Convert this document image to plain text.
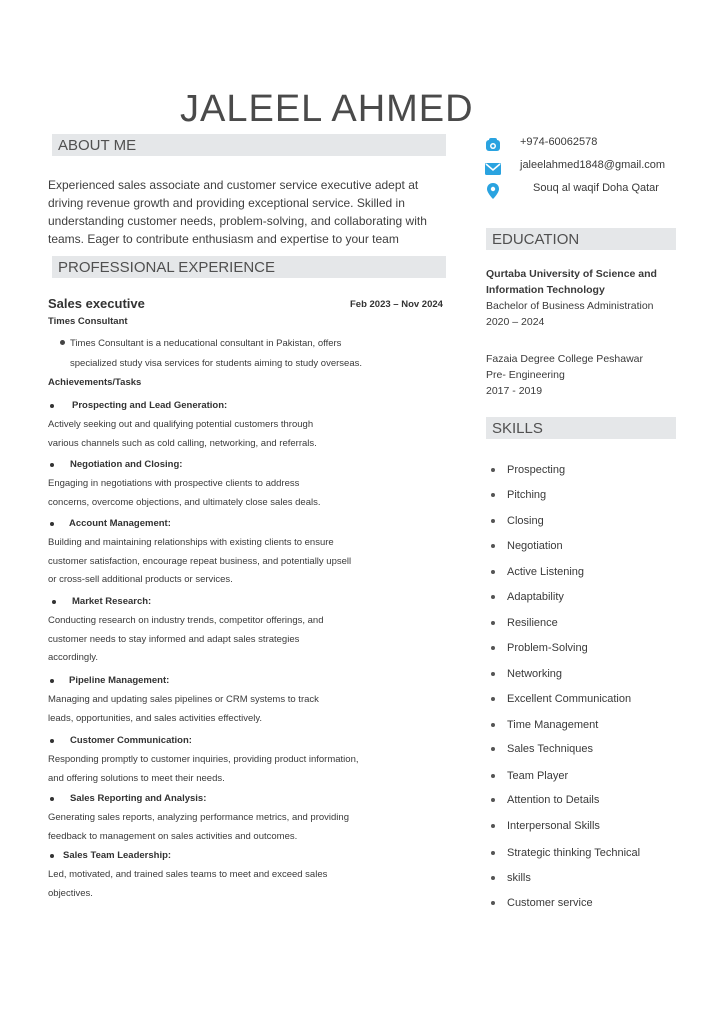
JALEEL AHMED
ABOUT ME
Experienced sales associate and customer service executive adept at
driving revenue growth and providing exceptional service. Skilled in
understanding customer needs, problem-solving, and collaborating with
teams. Eager to contribute enthusiasm and expertise to your team
PROFESSIONAL EXPERIENCE
Sales executive	Feb 2023 – Nov 2024
Times Consultant
Times Consultant is a neducational consultant in Pakistan, offers
specialized study visa services for students aiming to study overseas.
Achievements/Tasks
Prospecting and Lead Generation:
Actively seeking out and qualifying potential customers through
various channels such as cold calling, networking, and referrals.
Negotiation and Closing:
Engaging in negotiations with prospective clients to address
concerns, overcome objections, and ultimately close sales deals.
Account Management:
Building and maintaining relationships with existing clients to ensure
customer satisfaction, encourage repeat business, and potentially upsell
or cross-sell additional products or services.
Market Research:
Conducting research on industry trends, competitor offerings, and
customer needs to stay informed and adapt sales strategies
accordingly.
Pipeline Management:
Managing and updating sales pipelines or CRM systems to track
leads, opportunities, and sales activities effectively.
Customer Communication:
Responding promptly to customer inquiries, providing product information,
and offering solutions to meet their needs.
Sales Reporting and Analysis:
Generating sales reports, analyzing performance metrics, and providing
feedback to management on sales activities and outcomes.
Sales Team Leadership:
Led, motivated, and trained sales teams to meet and exceed sales
objectives.
+974-60062578
jaleelahmed1848@gmail.com
Souq al waqif Doha Qatar
EDUCATION
Qurtaba University of Science and
Information Technology
Bachelor of Business Administration
2020 – 2024
Fazaia Degree College Peshawar
Pre- Engineering
2017 - 2019
SKILLS
Prospecting
Pitching
Closing
Negotiation
Active Listening
Adaptability
Resilience
Problem-Solving
Networking
Excellent Communication
Time Management
Sales Techniques
Team Player
Attention to Details
Interpersonal Skills
Strategic thinking Technical
skills
Customer service
